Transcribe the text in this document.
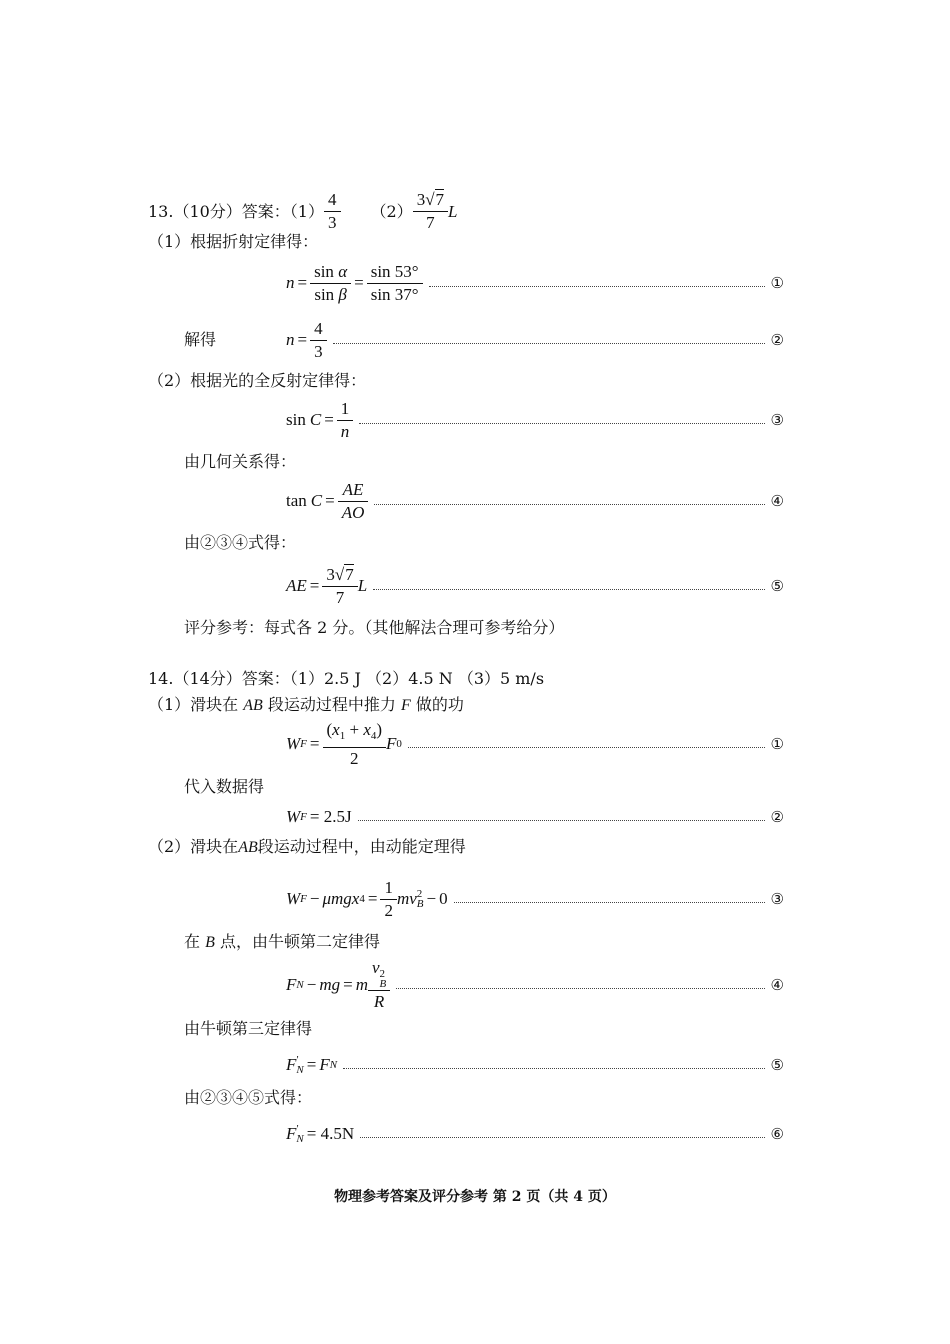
13.（10分）答案：$(1) \frac{4}{3} (2) \frac{3√7}{7}$ L
（1）根据折射定律得：
$n = \frac{\text{sin α}}{\text{sin β}} = \frac{\sin 53^\circ}{\sin 37^\circ}$	①
解得	$n = \frac{4}{3}$	②
（2）根据光的全反射定律得：
$\sin C = \frac{1}{n}$	③
由几何关系得：
$\tan C = \frac{AE}{AO}$	④
由②③④式得：
AE = $\frac{3√7}{7}$ L	⑤
评分参考：每式各 2 分。（其他解法合理可参考给分）
14.（14分）答案：（1）2.5 J （2）4.5 N （3）5 m/s
（1）滑块在 AB 段运动过程中推力 F 做的功
W $F = \frac{(x_1 + x_4)}{2}$ F 0	①
代入数据得
W F = 2.5J	②
（2）滑块在AB段运动过程中，由动能定理得
W F − μmgx $4 = \frac{1}{2}$ mv 2
B − 0	③
在 B 点，由牛顿第二定律得
F N − mg = m v 2
B
R	④
由牛顿第三定律得
F ′
N = F N	⑤
由②③④⑤式得：
F ′
N = 4.5N	⑥
物理参考答案及评分参考 第 2 页（共 4 页）
